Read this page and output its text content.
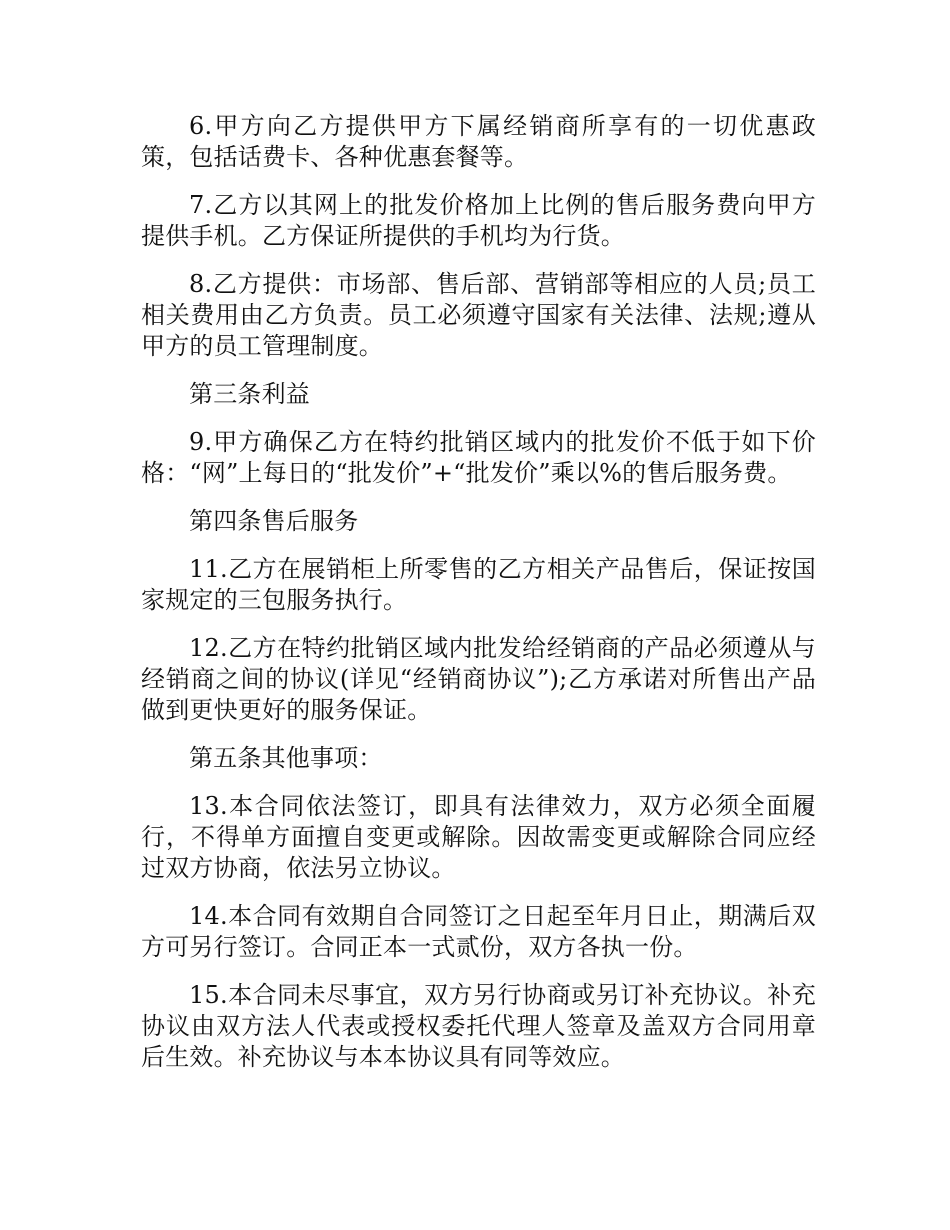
6.甲方向乙方提供甲方下属经销商所享有的一切优惠政策，包括话费卡、各种优惠套餐等。

7.乙方以其网上的批发价格加上比例的售后服务费向甲方提供手机。乙方保证所提供的手机均为行货。

8.乙方提供：市场部、售后部、营销部等相应的人员;员工相关费用由乙方负责。员工必须遵守国家有关法律、法规;遵从甲方的员工管理制度。

第三条利益

9.甲方确保乙方在特约批销区域内的批发价不低于如下价格：“网”上每日的“批发价”+“批发价”乘以%的售后服务费。

第四条售后服务

11.乙方在展销柜上所零售的乙方相关产品售后，保证按国家规定的三包服务执行。

12.乙方在特约批销区域内批发给经销商的产品必须遵从与经销商之间的协议(详见“经销商协议”);乙方承诺对所售出产品做到更快更好的服务保证。

第五条其他事项：

13.本合同依法签订，即具有法律效力，双方必须全面履行，不得单方面擅自变更或解除。因故需变更或解除合同应经过双方协商，依法另立协议。

14.本合同有效期自合同签订之日起至年月日止，期满后双方可另行签订。合同正本一式贰份，双方各执一份。

15.本合同未尽事宜，双方另行协商或另订补充协议。补充协议由双方法人代表或授权委托代理人签章及盖双方合同用章后生效。补充协议与本本协议具有同等效应。
